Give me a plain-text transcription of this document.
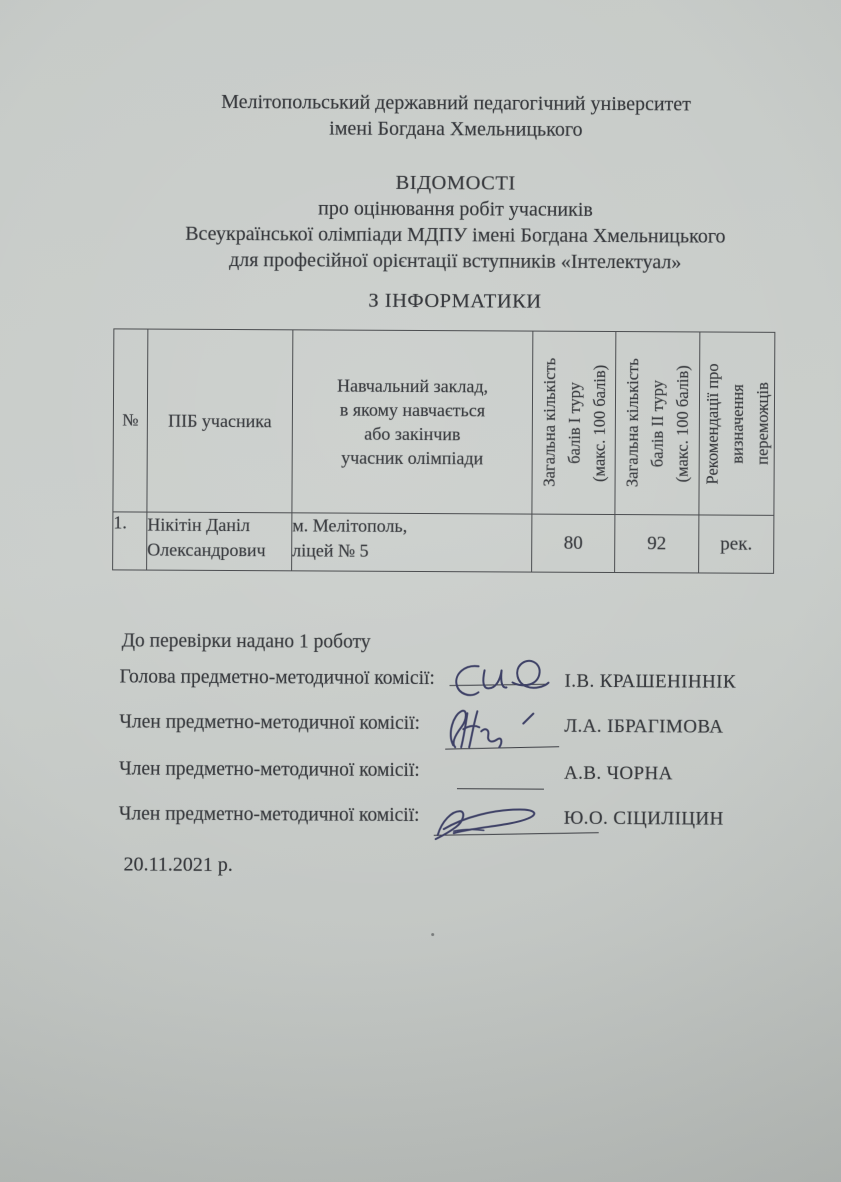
Мелітопольський державний педагогічний університет
імені Богдана Хмельницького
ВІДОМОСТІ
про оцінювання робіт учасників
Всеукраїнської олімпіади МДПУ імені Богдана Хмельницького
для професійної орієнтації вступників «Інтелектуал»
З ІНФОРМАТИКИ
№	ПІБ учасника	Навчальний заклад,
в якому навчається
або закінчив
учасник олімпіади	Загальна кількість
балів І туру
(макс. 100 балів)	Загальна кількість
балів ІІ туру
(макс. 100 балів)	Рекомендації про
визначення
переможців

1.	Нікітін Даніл
Олександрович	м. Мелітополь,
ліцей № 5	80	92	рек.
До перевірки надано 1 роботу
Голова предметно-методичної комісії:	І.В. КРАШЕНІННІК
Член предметно-методичної комісії:	Л.А. ІБРАГІМОВА
Член предметно-методичної комісії:	А.В. ЧОРНА
Член предметно-методичної комісії:	Ю.О. СІЦИЛІЦИН
20.11.2021 р.
